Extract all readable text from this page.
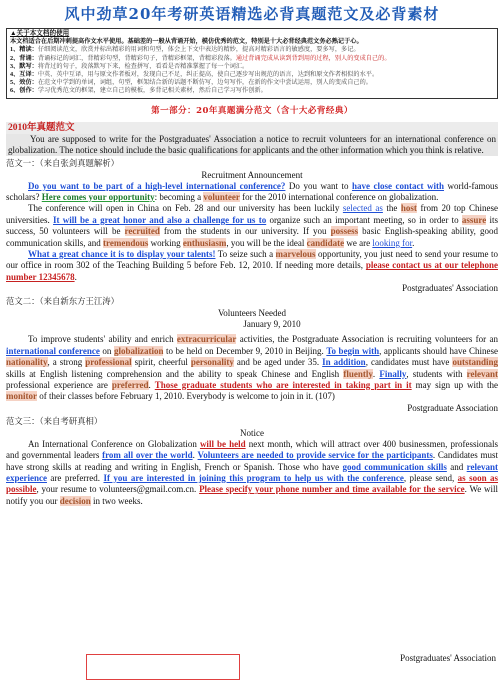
风中劲草20年考研英语精选必背真题范文及必背素材
▲关于本文档的使用
本文档适合在后期冲刺提高作文水平使用。基础差的一般从背诵开始，模仿优秀的范文，特别是十大必背经典范文务必熟记于心。
1、精读：仔细阅读范文，欣赏并标出精彩的用词和句型，体会上下文中表达的精妙，提高对精彩语言的敏感度，要多写，多记。
2、背诵：背诵标记的词汇，背精彩句型，背精彩句子，背精彩框架，背精彩段落。通过背诵完成从读到背到用的过程，别人的变成自己的。
3、默写：将背过的句子，段落默写下来，检查拼写，看看是否精准掌握了每一个词汇。
4、互译：中英、英中互译，用与原文作者板对，发现自己不足，纠正提高，使自己逐步写出规范的语言，达到和原文作者相似的水平。
5、效仿：在范文中学到的单词，词组，句型，框架结合新的话题不断仿写，边句写作，在新的作文中尝试运用，别人的变成自己的。
6、创作：学习优秀范文的框架，建立自己的模板，多背记相关素材，然后自己学习写作创新。
第一部分：20年真题满分范文（含十大必背经典）
2010年真题范文
You are supposed to write for the Postgraduates' Association a notice to recruit volunteers for an international conference on globalization. The notice should include the basic qualifications for applicants and the other information which you think is relative.
范文一：（来自张剑真题解析）
Recruitment Announcement

Do you want to be part of a high-level international conference? Do you want to have close contact with world-famous scholars? Here comes your opportunity: becoming a volunteer for the 2010 international conference on globalization.

The conference will open in China on Feb. 28 and our university has been luckily selected as the host from 20 top Chinese universities. It will be a great honor and also a challenge for us to organize such an important meeting, so in order to assure its success, 50 volunteers will be recruited from the students in our university. If you possess basic English-speaking ability, good communication skills, and tremendous working enthusiasm, you will be the ideal candidate we are looking for.

What a great chance it is to display your talents! To seize such a marvelous opportunity, you just need to send your resume to our office in room 302 of the Teaching Building 5 before Feb. 12, 2010. If needing more details, please contact us at our telephone number 12345678.

Postgraduates' Association
范文二：（来自新东方王江涛）
Volunteers Needed
January 9, 2010

To improve students' ability and enrich extracurricular activities, the Postgraduate Association is recruiting volunteers for an international conference on globalization to be held on December 9, 2010 in Beijing. To begin with, applicants should have Chinese nationality, a strong professional spirit, cheerful personality and be aged under 35. In addition, candidates must have outstanding skills at English listening comprehension and the ability to speak Chinese and English fluently. Finally, students with relevant professional experience are preferred. Those graduate students who are interested in taking part in it may sign up with the monitor of their classes before February 1, 2010. Everybody is welcome to join in it. (107)

Postgraduate Association
范文三：（来自考研真相）
Notice

An International Conference on Globalization will be held next month, which will attract over 400 businessmen, professionals and governmental leaders from all over the world. Volunteers are needed to provide service for the participants. Candidates must have strong skills at reading and writing in English, French or Spanish. Those who have good communication skills and relevant experience are preferred. If you are interested in joining this program to help us with the conference, please send, as soon as possible, your resume to volunteers@gmail.com.cn. Please specify your phone number and time available for the service. We will notify you our decision in two weeks.

Postgraduates' Association
